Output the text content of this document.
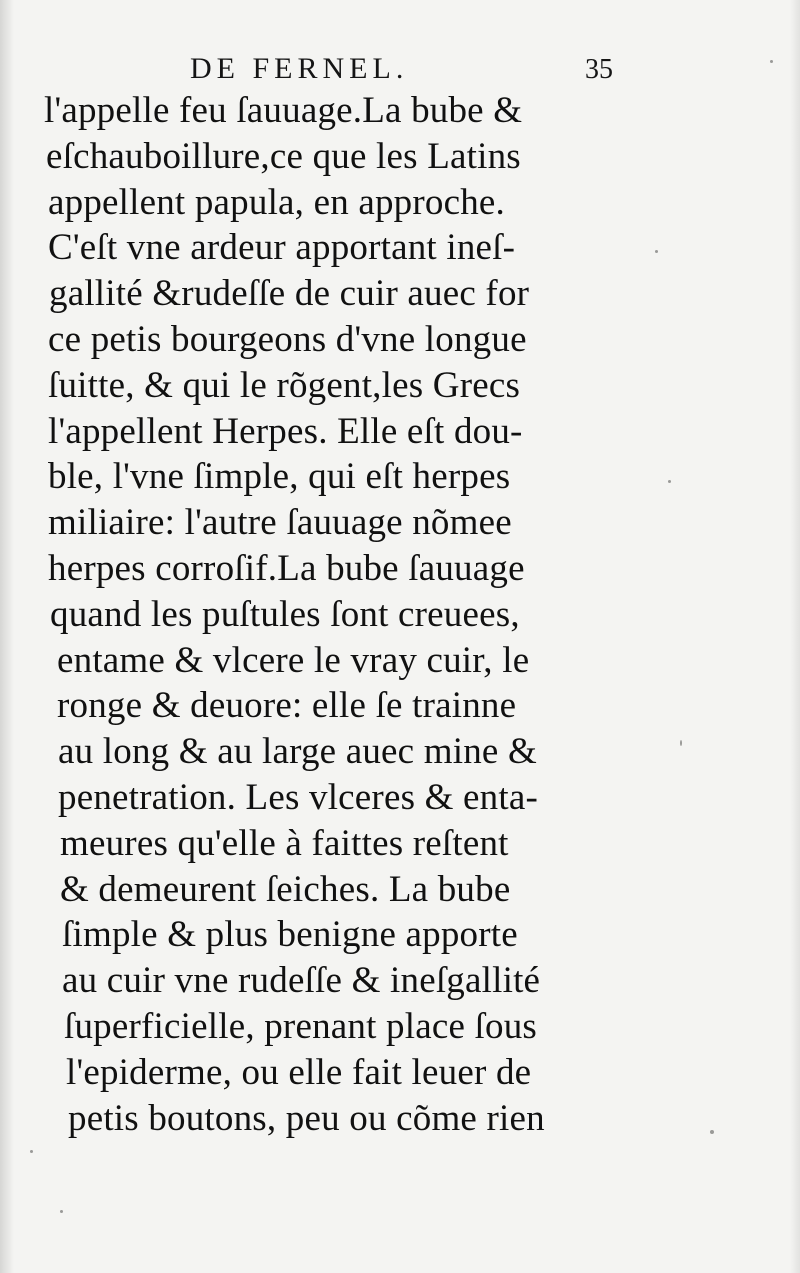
DE FERNEL.	35
l'appelle feu ſauuage.La bube &
eſchauboillure,ce que les Latins
appellent papula, en approche.
C'eſt vne ardeur apportant ineſ-
gallité &rudeſſe de cuir auec for
ce petis bourgeons d'vne longue
ſuitte, & qui le rõgent,les Grecs
l'appellent Herpes. Elle eſt dou-
ble, l'vne ſimple, qui eſt herpes
miliaire: l'autre ſauuage nõmee
herpes corroſif.La bube ſauuage
quand les puſtules ſont creuees,
entame & vlcere le vray cuir, le
ronge & deuore: elle ſe trainne
au long & au large auec mine &
penetration. Les vlceres & enta-
meures qu'elle à faittes reſtent
& demeurent ſeiches. La bube
ſimple & plus benigne apporte
au cuir vne rudeſſe & ineſgallité
ſuperficielle, prenant place ſous
l'epiderme, ou elle fait leuer de
petis boutons, peu ou cõme rien
